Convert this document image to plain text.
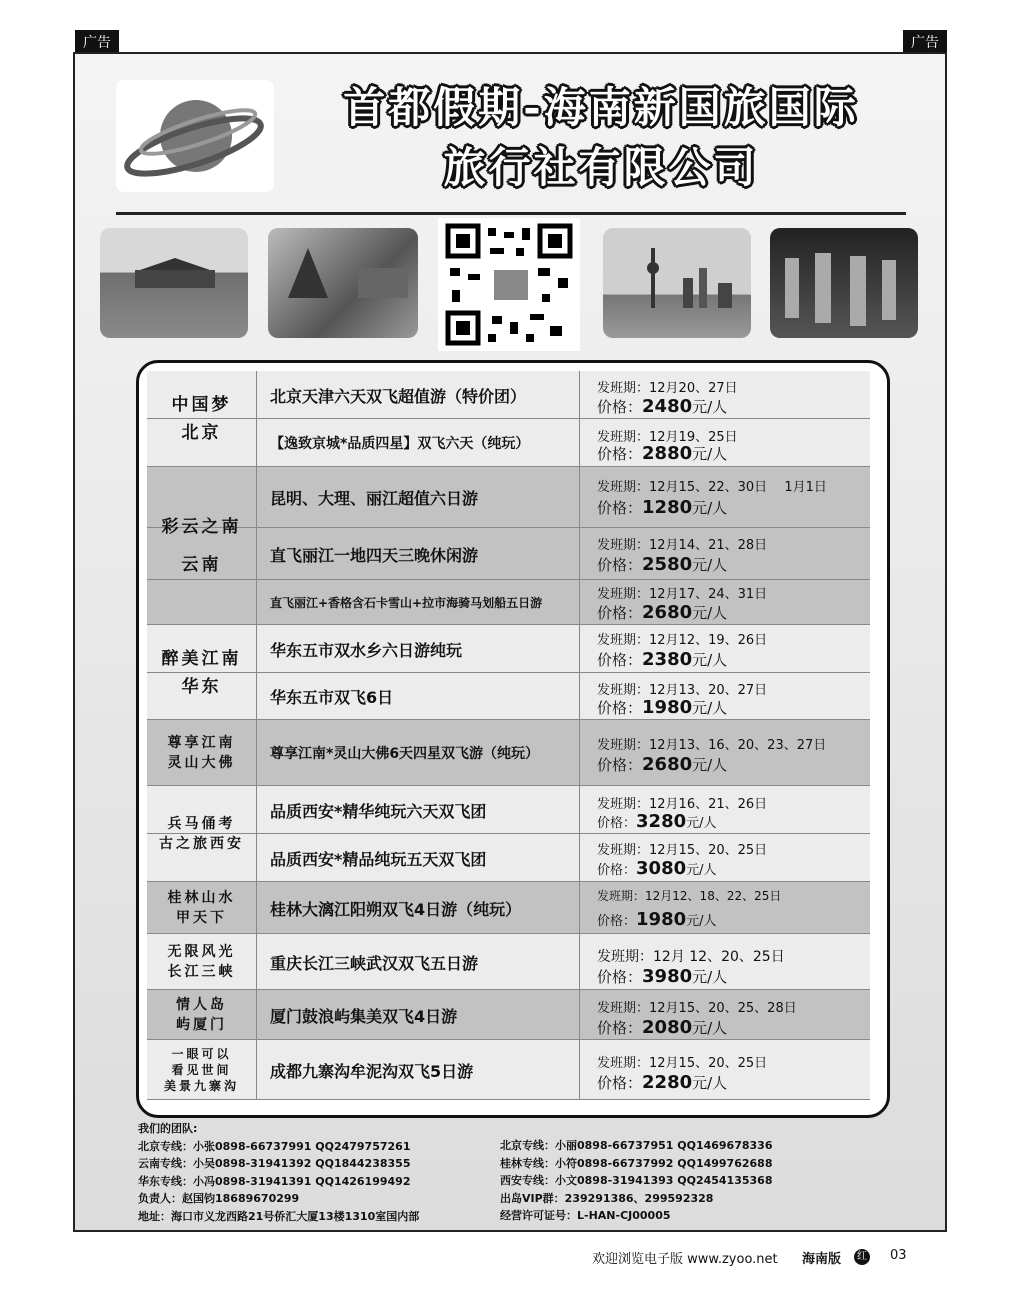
广告	广告
首都假期-海南新国旅国际
旅行社有限公司
中国梦
北京
彩云之南
云南
醉美江南
华东
尊享江南
灵山大佛
兵马俑考
古之旅西安
桂林山水
甲天下
无限风光
长江三峡
情人岛
屿厦门
一眼可以
看见世间
美景九寨沟
北京天津六天双飞超值游（特价团）
【逸致京城*品质四星】双飞六天（纯玩）
昆明、大理、丽江超值六日游
直飞丽江一地四天三晚休闲游
直飞丽江+香格含石卡雪山+拉市海骑马划船五日游
华东五市双水乡六日游纯玩
华东五市双飞6日
尊享江南*灵山大佛6天四星双飞游（纯玩）
品质西安*精华纯玩六天双飞团
品质西安*精品纯玩五天双飞团
桂林大漓江阳朔双飞4日游（纯玩）
重庆长江三峡武汉双飞五日游
厦门鼓浪屿集美双飞4日游
成都九寨沟牟泥沟双飞5日游
发班期：12月20、27日
价格：2480元/人
发班期：12月19、25日
价格：2880元/人
发班期：12月15、22、30日　 1月1日
价格：1280元/人
发班期：12月14、21、28日
价格：2580元/人
发班期：12月17、24、31日
价格：2680元/人
发班期：12月12、19、26日
价格：2380元/人
发班期：12月13、20、27日
价格：1980元/人
发班期：12月13、16、20、23、27日
价格：2680元/人
发班期：12月16、21、26日
价格：3280元/人
发班期：12月15、20、25日
价格：3080元/人
发班期：12月12、18、22、25日
价格：1980元/人
发班期：12月 12、20、25日
价格：3980元/人
发班期：12月15、20、25、28日
价格：2080元/人
发班期：12月15、20、25日
价格：2280元/人
我们的团队:
北京专线：小张0898-66737991 QQ2479757261
云南专线：小吴0898-31941392 QQ1844238355
华东专线：小冯0898-31941391 QQ1426199492
负责人：赵国钧18689670299
地址：海口市义龙西路21号侨汇大厦13楼1310室国内部
北京专线：小丽0898-66737951 QQ1469678336
桂林专线：小符0898-66737992 QQ1499762688
西安专线：小文0898-31941393 QQ2454135368
出岛VIP群：239291386、299592328
经营许可证号：L-HAN-CJ00005
欢迎浏览电子版 www.zyoo.net 海南版	红 03
